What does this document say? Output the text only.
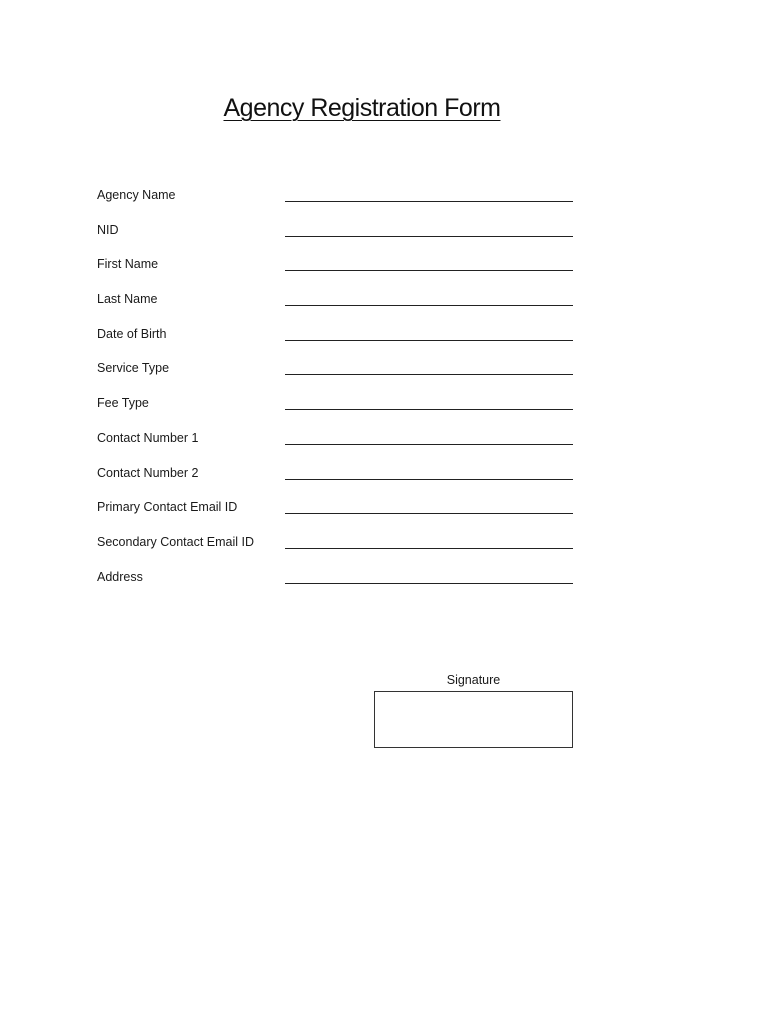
Agency Registration Form
Agency Name
NID
First Name
Last Name
Date of Birth
Service Type
Fee Type
Contact Number 1
Contact Number 2
Primary Contact Email ID
Secondary Contact Email ID
Address
Signature
